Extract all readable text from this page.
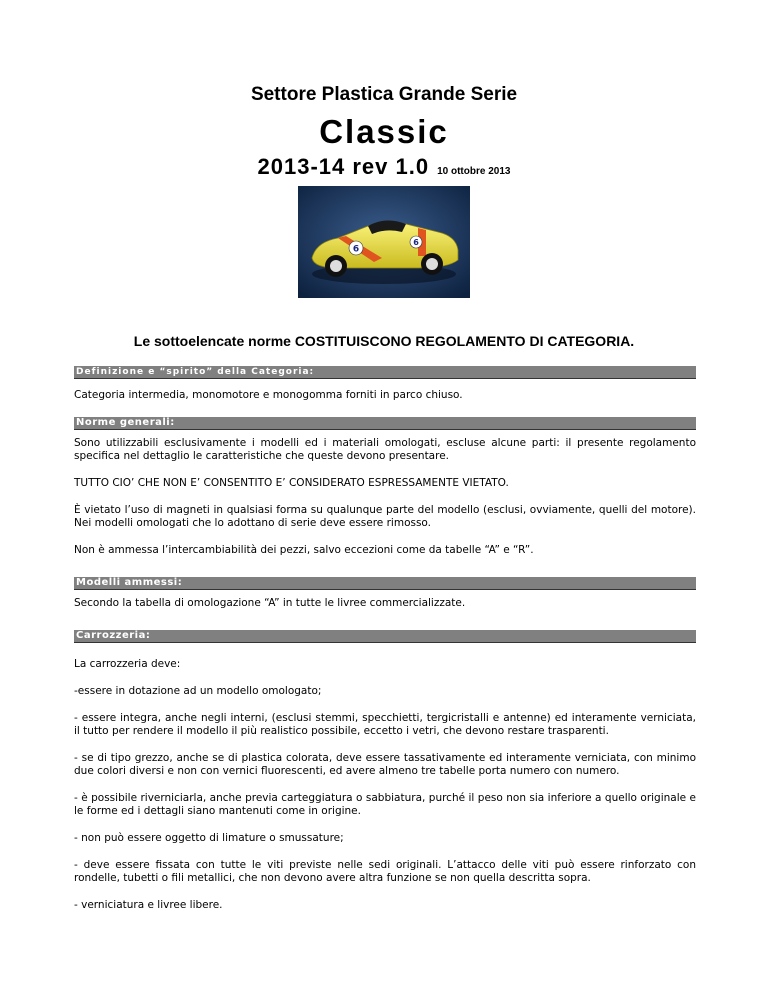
Settore Plastica Grande Serie
Classic
2013-14 rev 1.0 10 ottobre 2013
6
6
Le sottoelencate norme COSTITUISCONO REGOLAMENTO DI CATEGORIA.
Definizione e “spirito” della Categoria:

Categoria intermedia, monomotore e monogomma forniti in parco chiuso.

Norme generali:

Sono utilizzabili esclusivamente i modelli ed i materiali omologati, escluse alcune parti: il presente regolamento specifica nel dettaglio le caratteristiche che queste devono presentare.

TUTTO CIO’ CHE NON E’ CONSENTITO E’ CONSIDERATO ESPRESSAMENTE VIETATO.

È vietato l’uso di magneti in qualsiasi forma su qualunque parte del modello (esclusi, ovviamente, quelli del motore). Nei modelli omologati che lo adottano di serie deve essere rimosso.

Non è ammessa l’intercambiabilità dei pezzi, salvo eccezioni come da tabelle “A” e “R”.

Modelli ammessi:

Secondo la tabella di omologazione “A” in tutte le livree commercializzate.

Carrozzeria:

La carrozzeria deve:

-essere in dotazione ad un modello omologato;

- essere integra, anche negli interni, (esclusi stemmi, specchietti, tergicristalli e antenne) ed interamente verniciata, il tutto per rendere il modello il più realistico possibile, eccetto i vetri, che devono restare trasparenti.

- se di tipo grezzo, anche se di plastica colorata, deve essere tassativamente ed interamente verniciata, con minimo due colori diversi e non con vernici fluorescenti, ed avere almeno tre tabelle porta numero con numero.

- è possibile riverniciarla, anche previa carteggiatura o sabbiatura, purché il peso non sia inferiore a quello originale e le forme ed i dettagli siano mantenuti come in origine.

- non può essere oggetto di limature o smussature;

- deve essere fissata con tutte le viti previste nelle sedi originali. L’attacco delle viti può essere rinforzato con rondelle, tubetti o fili metallici, che non devono avere altra funzione se non quella descritta sopra.

- verniciatura e livree libere.
